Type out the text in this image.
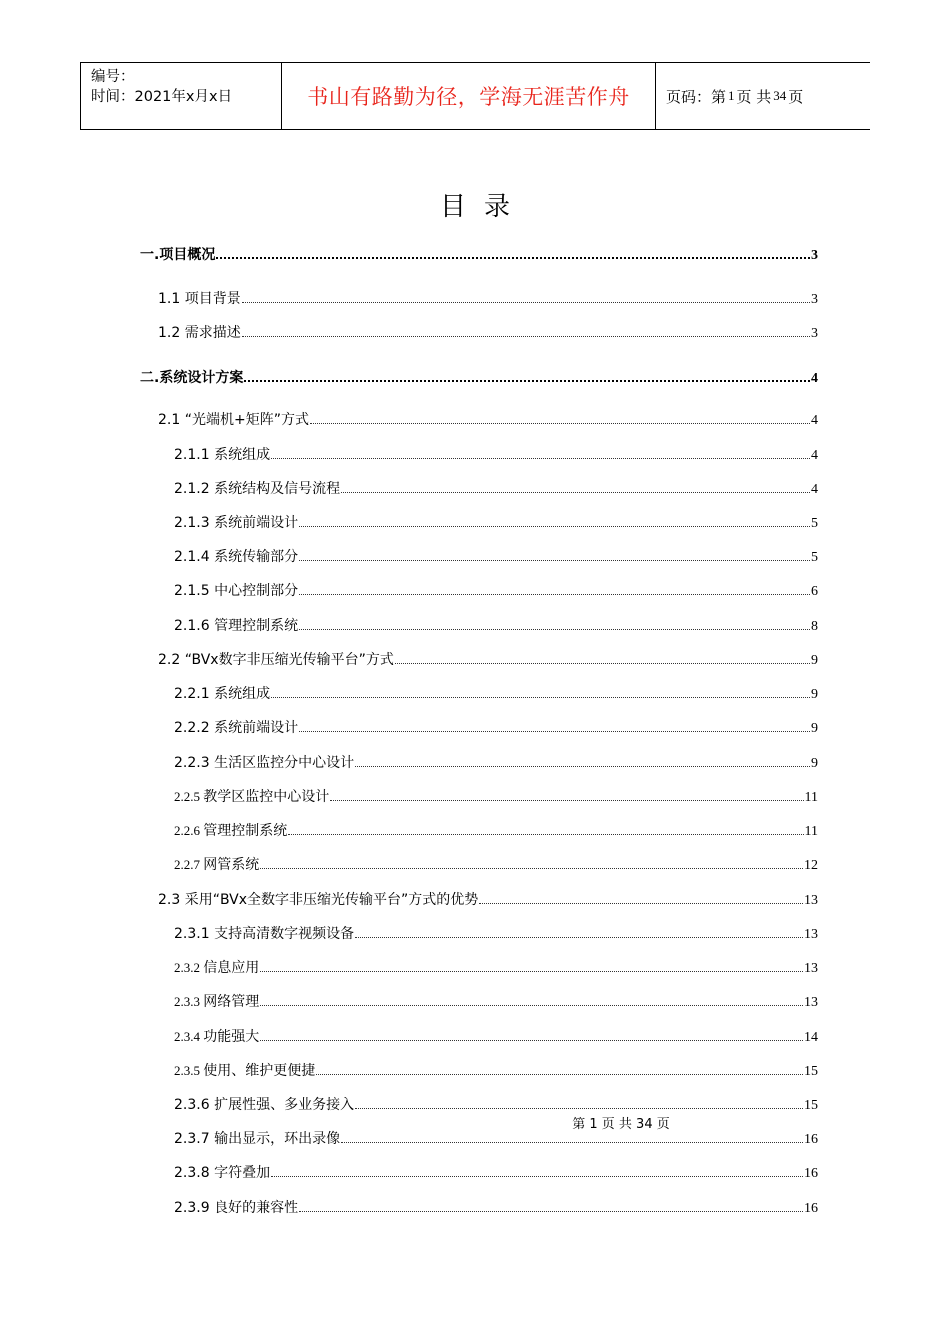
编号：
时间：2021年x月x日	书山有路勤为径，学海无涯苦作舟 页码：第 1 页 共 34 页
目录
一.项目概况	3
1.1 项目背景	3
1.2 需求描述	3
二.系统设计方案	4
2.1 “光端机+矩阵”方式	4
2.1.1 系统组成	4
2.1.2 系统结构及信号流程	4
2.1.3 系统前端设计	5
2.1.4 系统传输部分	5
2.1.5 中心控制部分	6
2.1.6 管理控制系统	8
2.2 “BVx数字非压缩光传输平台”方式	9
2.2.1 系统组成	9
2.2.2 系统前端设计	9
2.2.3 生活区监控分中心设计	9
2.2.5 教学区监控中心设计	11
2.2.6 管理控制系统	11
2.2.7 网管系统	12
2.3 采用“BVx全数字非压缩光传输平台”方式的优势	13
2.3.1 支持高清数字视频设备	13
2.3.2 信息应用	13
2.3.3 网络管理	13
2.3.4 功能强大	14
2.3.5 使用、维护更便捷	15
2.3.6 扩展性强、多业务接入	15
2.3.7 输出显示，环出录像	16
2.3.8 字符叠加	16
2.3.9 良好的兼容性	16
第 1 页 共 34 页
